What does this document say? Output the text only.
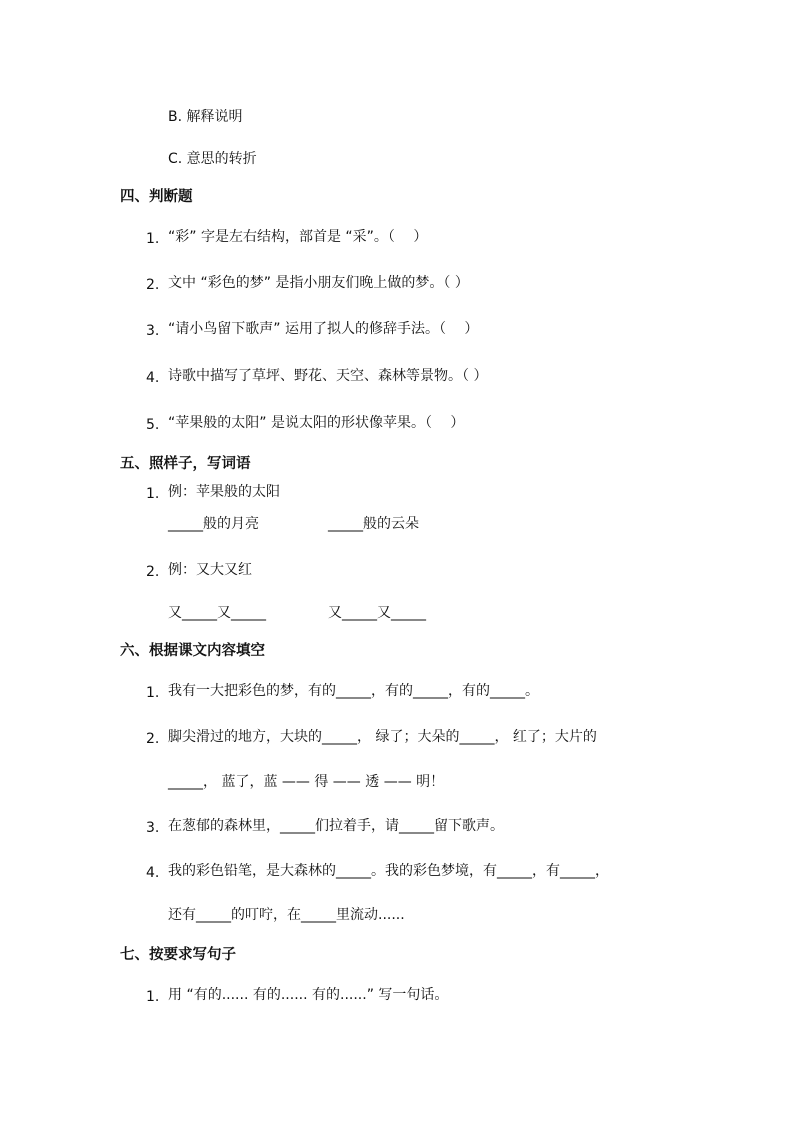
B. 解释说明
C. 意思的转折
四、判断题
1. “彩” 字是左右结构，部首是 “采”。（　 ）
2. 文中 “彩色的梦” 是指小朋友们晚上做的梦。（ ）
3. “请小鸟留下歌声” 运用了拟人的修辞手法。（　 ）
4. 诗歌中描写了草坪、野花、天空、森林等景物。（ ）
5. “苹果般的太阳” 是说太阳的形状像苹果。（　 ）
五、照样子，写词语
1. 例：苹果般的太阳
_____般的月亮	_____般的云朵
2. 例：又大又红
又_____又_____	又_____又_____
六、根据课文内容填空
1. 我有一大把彩色的梦，有的_____，有的_____，有的_____。
2. 脚尖滑过的地方，大块的_____， 绿了；大朵的_____， 红了；大片的
_____， 蓝了，蓝 —— 得 —— 透 —— 明！
3. 在葱郁的森林里，_____们拉着手，请_____留下歌声。
4. 我的彩色铅笔，是大森林的_____。我的彩色梦境，有_____，有_____，
还有_____的叮咛，在_____里流动......
七、按要求写句子
1. 用 “有的...... 有的...... 有的......” 写一句话。
